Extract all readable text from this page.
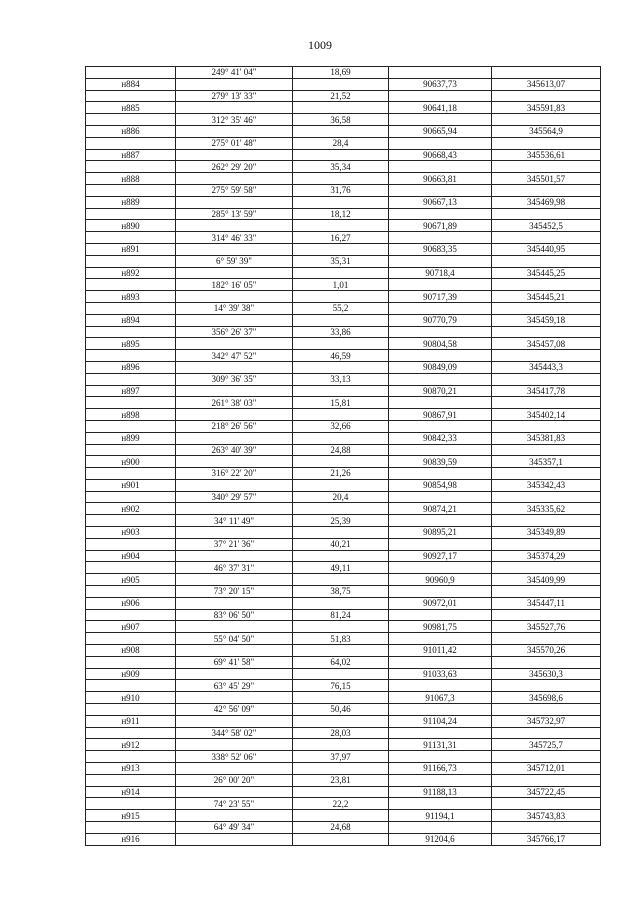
1009
	249° 41' 04"	18,69		
н884			90637,73	345613,07
	279° 13' 33"	21,52		
н885			90641,18	345591,83
	312° 35' 46"	36,58		
н886			90665,94	345564,9
	275° 01' 48"	28,4		
н887			90668,43	345536,61
	262° 29' 20"	35,34		
н888			90663,81	345501,57
	275° 59' 58"	31,76		
н889			90667,13	345469,98
	285° 13' 59"	18,12		
н890			90671,89	345452,5
	314° 46' 33"	16,27		
н891			90683,35	345440,95
	6° 59' 39"	35,31		
н892			90718,4	345445,25
	182° 16' 05"	1,01		
н893			90717,39	345445,21
	14° 39' 38"	55,2		
н894			90770,79	345459,18
	356° 26' 37"	33,86		
н895			90804,58	345457,08
	342° 47' 52"	46,59		
н896			90849,09	345443,3
	309° 36' 35"	33,13		
н897			90870,21	345417,78
	261° 38' 03"	15,81		
н898			90867,91	345402,14
	218° 26' 56"	32,66		
н899			90842,33	345381,83
	263° 40' 39"	24,88		
н900			90839,59	345357,1
	316° 22' 20"	21,26		
н901			90854,98	345342,43
	340° 29' 57"	20,4		
н902			90874,21	345335,62
	34° 11' 49"	25,39		
н903			90895,21	345349,89
	37° 21' 36"	40,21		
н904			90927,17	345374,29
	46° 37' 31"	49,11		
н905			90960,9	345409,99
	73° 20' 15"	38,75		
н906			90972,01	345447,11
	83° 06' 50"	81,24		
н907			90981,75	345527,76
	55° 04' 50"	51,83		
н908			91011,42	345570,26
	69° 41' 58"	64,02		
н909			91033,63	345630,3
	63° 45' 29"	76,15		
н910			91067,3	345698,6
	42° 56' 09"	50,46		
н911			91104,24	345732,97
	344° 58' 02"	28,03		
н912			91131,31	345725,7
	338° 52' 06"	37,97		
н913			91166,73	345712,01
	26° 00' 20"	23,81		
н914			91188,13	345722,45
	74° 23' 55"	22,2		
н915			91194,1	345743,83
	64° 49' 34"	24,68		
н916			91204,6	345766,17
